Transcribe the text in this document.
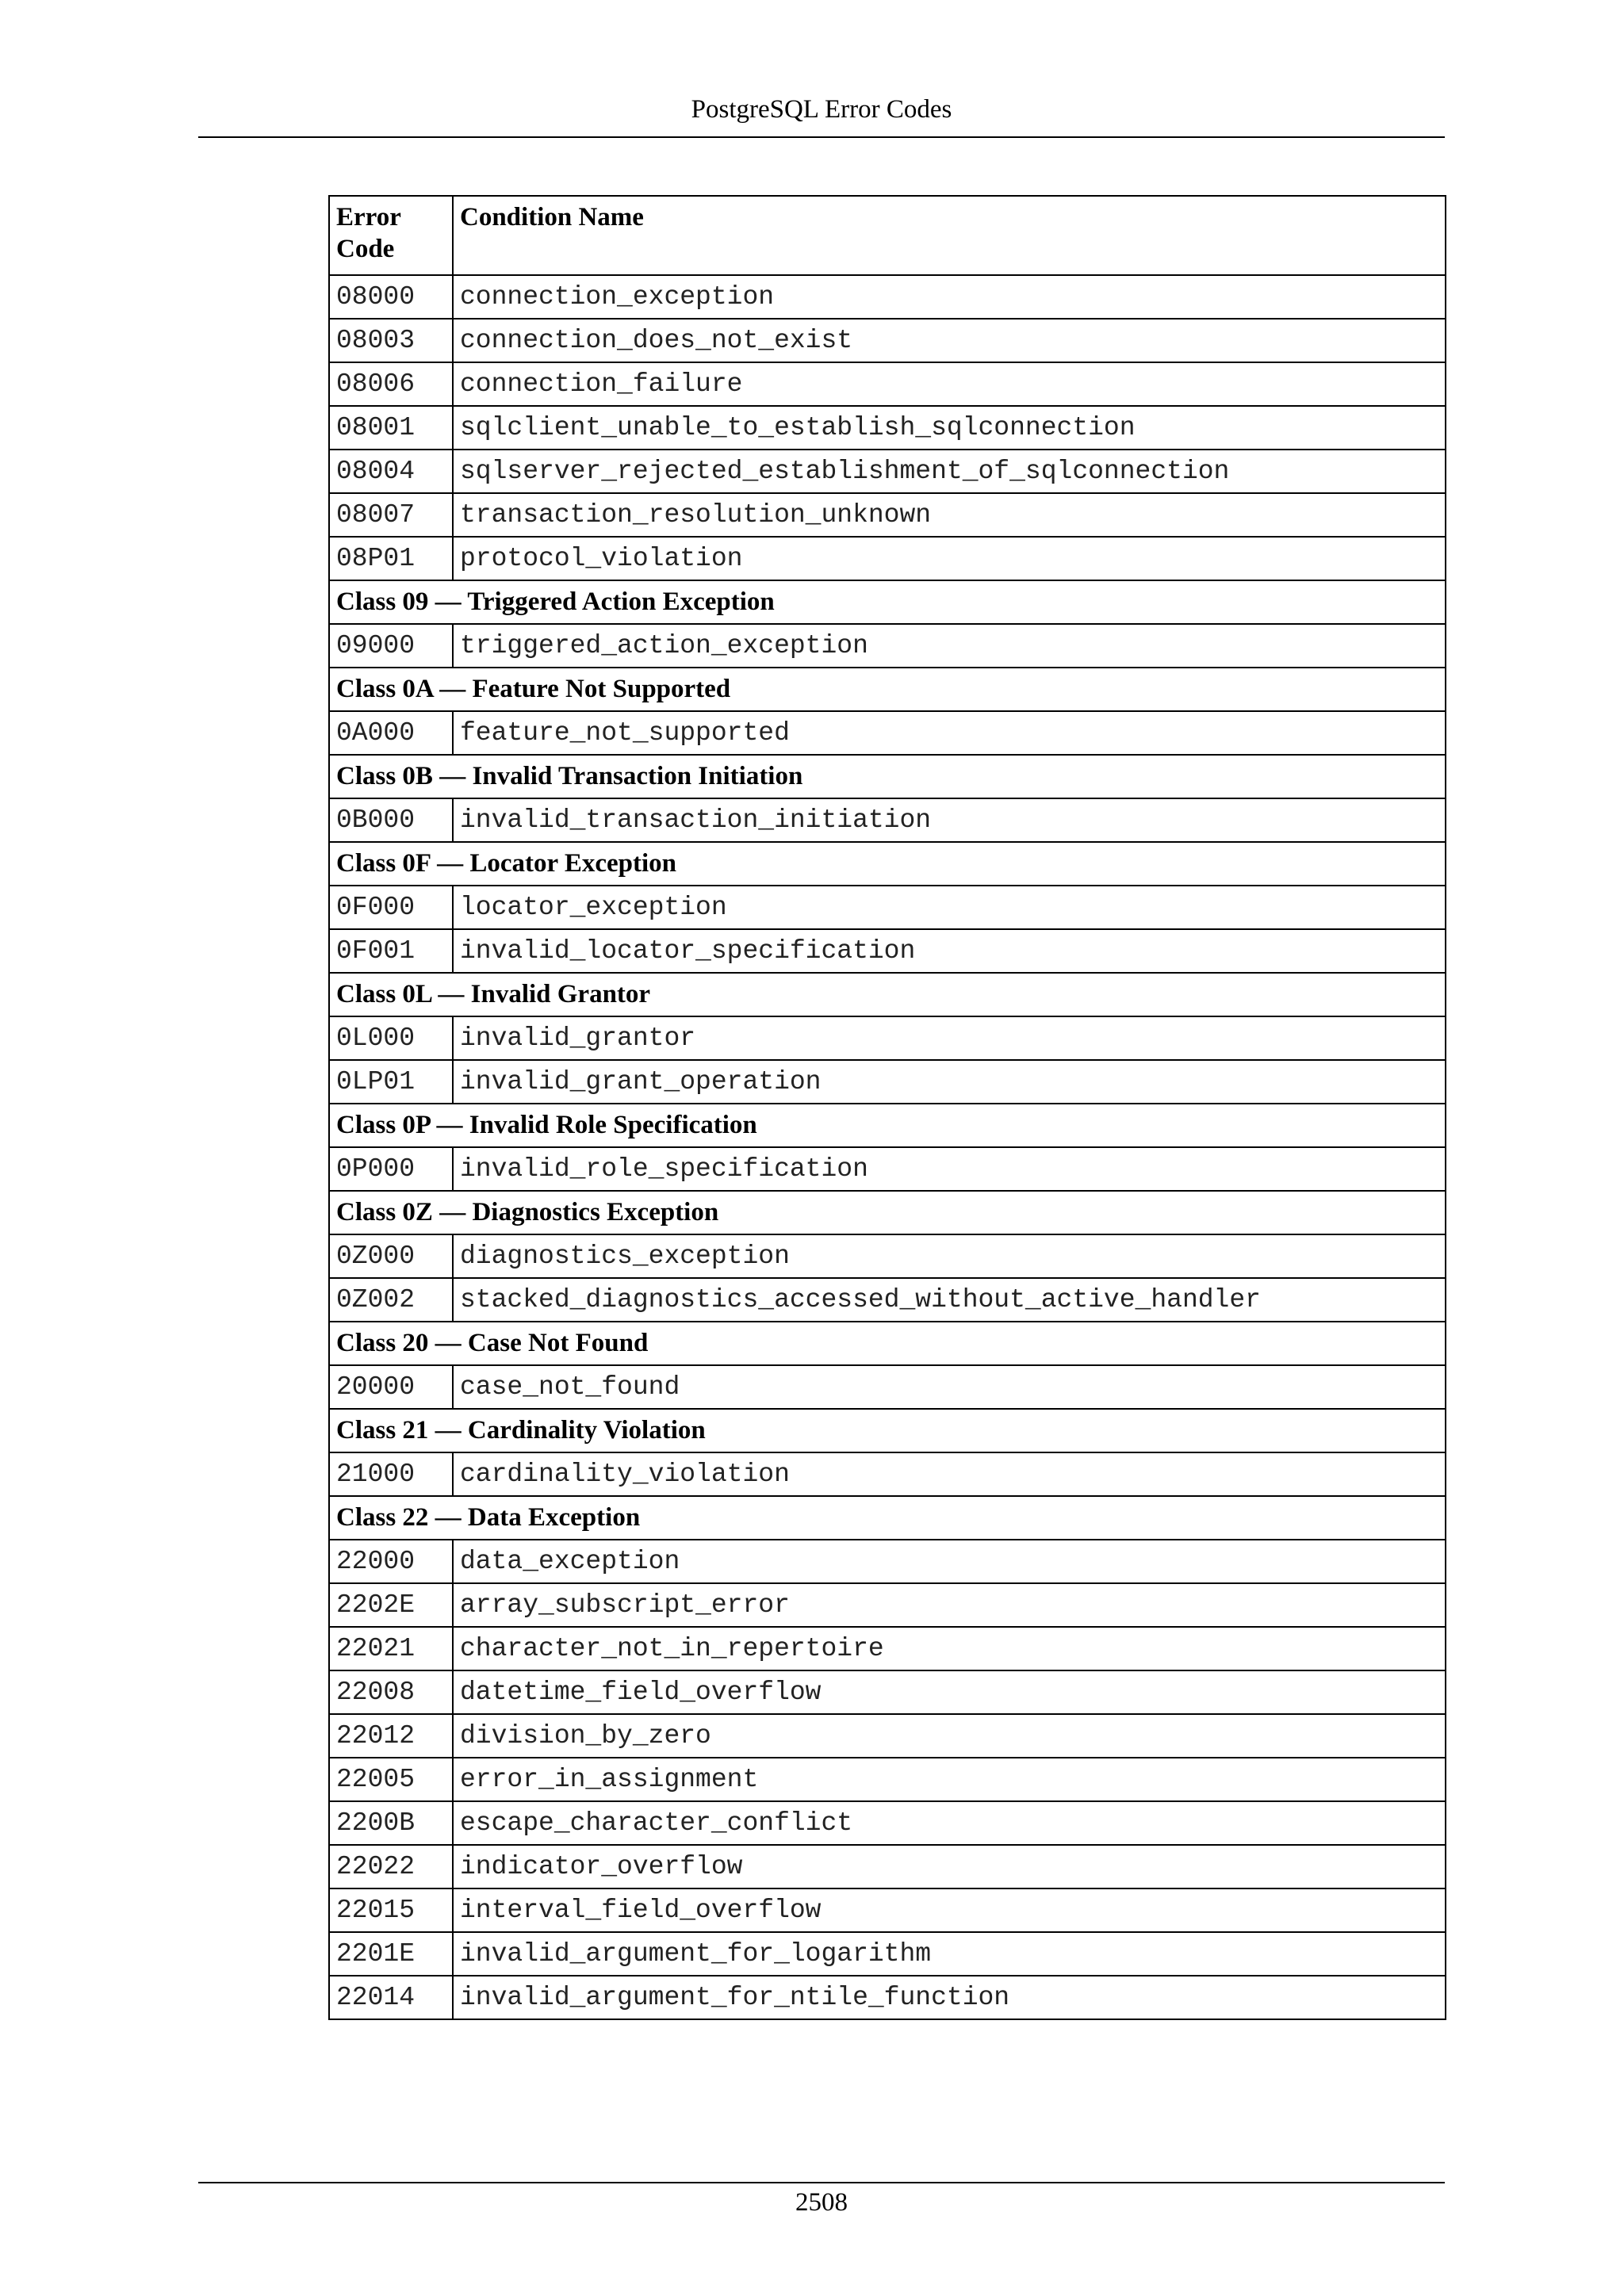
PostgreSQL Error Codes
Error Code	Condition Name
08000	connection_exception
08003	connection_does_not_exist
08006	connection_failure
08001	sqlclient_unable_to_establish_sqlconnection
08004	sqlserver_rejected_establishment_of_sqlconnection
08007	transaction_resolution_unknown
08P01	protocol_violation
Class 09 — Triggered Action Exception	
09000	triggered_action_exception
Class 0A — Feature Not Supported	
0A000	feature_not_supported
Class 0B — Invalid Transaction Initiation	
0B000	invalid_transaction_initiation
Class 0F — Locator Exception	
0F000	locator_exception
0F001	invalid_locator_specification
Class 0L — Invalid Grantor	
0L000	invalid_grantor
0LP01	invalid_grant_operation
Class 0P — Invalid Role Specification	
0P000	invalid_role_specification
Class 0Z — Diagnostics Exception	
0Z000	diagnostics_exception
0Z002	stacked_diagnostics_accessed_without_active_handler
Class 20 — Case Not Found	
20000	case_not_found
Class 21 — Cardinality Violation	
21000	cardinality_violation
Class 22 — Data Exception	
22000	data_exception
2202E	array_subscript_error
22021	character_not_in_repertoire
22008	datetime_field_overflow
22012	division_by_zero
22005	error_in_assignment
2200B	escape_character_conflict
22022	indicator_overflow
22015	interval_field_overflow
2201E	invalid_argument_for_logarithm
22014	invalid_argument_for_ntile_function
2508
